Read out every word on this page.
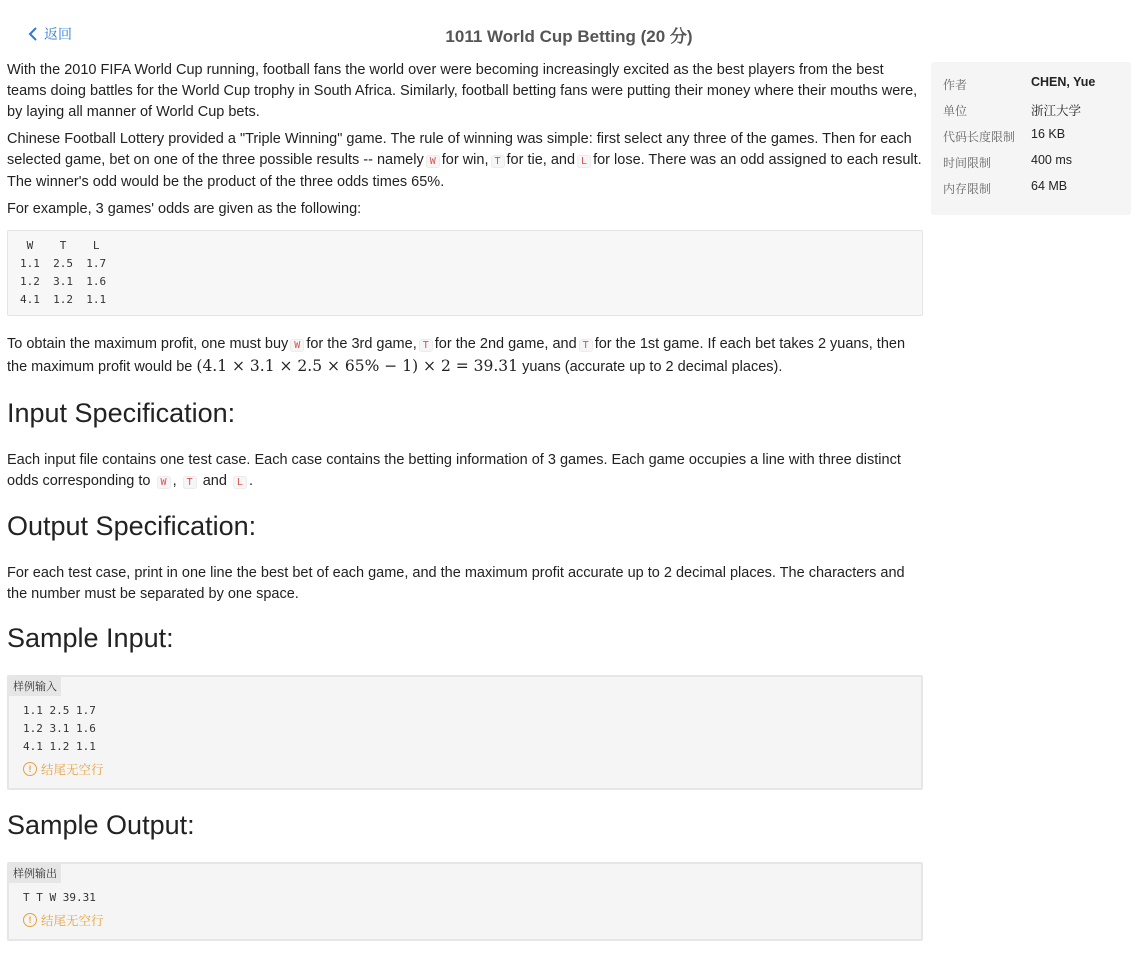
返回	1011 World Cup Betting (20 分)

With the 2010 FIFA World Cup running, football fans the world over were becoming increasingly excited as the best players from the best teams doing battles for the World Cup trophy in South Africa. Similarly, football betting fans were putting their money where their mouths were, by laying all manner of World Cup bets.

Chinese Football Lottery provided a "Triple Winning" game. The rule of winning was simple: first select any three of the games. Then for each selected game, bet on one of the three possible results -- namely W for win, T for tie, and L for lose. There was an odd assigned to each result. The winner's odd would be the product of the three odds times 65%.

For example, 3 games' odds are given as the following:

W    T    L
1.1  2.5  1.7
1.2  3.1  1.6
4.1  1.2  1.1

To obtain the maximum profit, one must buy W for the 3rd game, T for the 2nd game, and T for the 1st game. If each bet takes 2 yuans, then the maximum profit would be (4.1 × 3.1 × 2.5 × 65% − 1) × 2 = 39.31 yuans (accurate up to 2 decimal places).

Input Specification:

Each input file contains one test case. Each case contains the betting information of 3 games. Each game occupies a line with three distinct odds corresponding to W , T and L .

Output Specification:

For each test case, print in one line the best bet of each game, and the maximum profit accurate up to 2 decimal places. The characters and the number must be separated by one space.

Sample Input:
样例输入
1.1 2.5 1.7
1.2 3.1 1.6
4.1 1.2 1.1
! 结尾无空行
Sample Output:
样例输出
T T W 39.31
! 结尾无空行
作者	CHEN, Yue
单位	浙江大学
代码长度限制 16 KB
时间限制	400 ms
内存限制	64 MB
